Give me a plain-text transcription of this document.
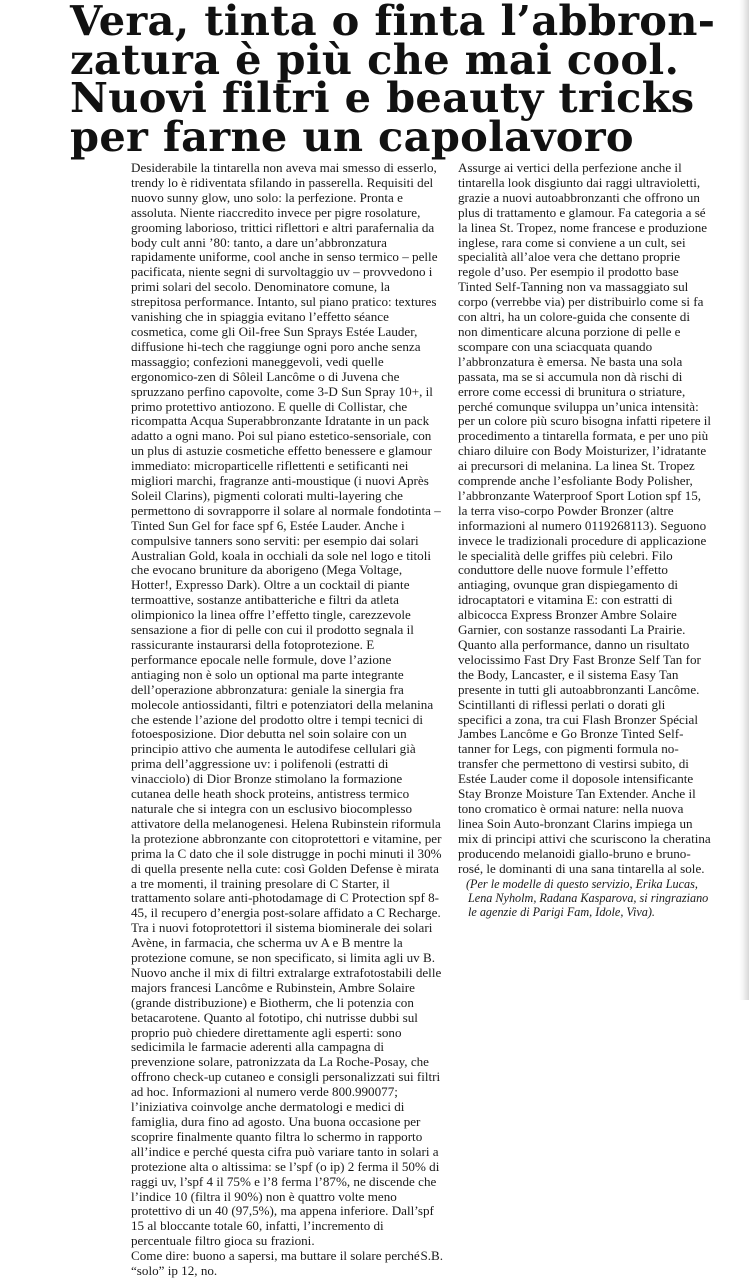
Vera, tinta o finta l’abbron-
zatura è più che mai cool.
Nuovi filtri e beauty tricks
per farne un capolavoro

Desiderabile la tintarella non aveva mai smesso di esserlo, trendy lo è ridiventata sfilando in passerella. Requisiti del nuovo sunny glow, uno solo: la perfezione. Pronta e assoluta. Niente riaccredito invece per pigre rosolature, grooming laborioso, trittici riflettori e altri parafernalia da body cult anni ’80: tanto, a dare un’abbronzatura rapidamente uniforme, cool anche in senso termico – pelle pacificata, niente segni di survoltaggio uv – provvedono i primi solari del secolo. Denominatore comune, la strepitosa performance. Intanto, sul piano pratico: textures vanishing che in spiaggia evitano l’effetto séance cosmetica, come gli Oil-free Sun Sprays Estée Lauder, diffusione hi-tech che raggiunge ogni poro anche senza massaggio; confezioni maneggevoli, vedi quelle ergonomico-zen di Sôleil Lancôme o di Juvena che spruzzano perfino capovolte, come 3-D Sun Spray 10+, il primo protettivo antiozono. E quelle di Collistar, che ricompatta Acqua Superabbronzante Idratante in un pack adatto a ogni mano. Poi sul piano estetico-sensoriale, con un plus di astuzie cosmetiche effetto benessere e glamour immediato: microparticelle riflettenti e setificanti nei migliori marchi, fragranze anti-moustique (i nuovi Après Soleil Clarins), pigmenti colorati multi-layering che permettono di sovrapporre il solare al normale fondotinta – Tinted Sun Gel for face spf 6, Estée Lauder. Anche i compulsive tanners sono serviti: per esempio dai solari Australian Gold, koala in occhiali da sole nel logo e titoli che evocano bruniture da aborigeno (Mega Voltage, Hotter!, Expresso Dark). Oltre a un cocktail di piante termoattive, sostanze antibatteriche e filtri da atleta olimpionico la linea offre l’effetto tingle, carezzevole sensazione a fior di pelle con cui il prodotto segnala il rassicurante instaurarsi della fotoprotezione. E performance epocale nelle formule, dove l’azione antiaging non è solo un optional ma parte integrante dell’operazione abbronzatura: geniale la sinergia fra molecole antiossidanti, filtri e potenziatori della melanina che estende l’azione del prodotto oltre i tempi tecnici di fotoesposizione. Dior debutta nel soin solaire con un principio attivo che aumenta le autodifese cellulari già prima dell’aggressione uv: i polifenoli (estratti di vinacciolo) di Dior Bronze stimolano la formazione cutanea delle heath shock proteins, antistress termico naturale che si integra con un esclusivo biocomplesso attivatore della melanogenesi. Helena Rubinstein riformula la protezione abbronzante con citoprotettori e vitamine, per prima la C dato che il sole distrugge in pochi minuti il 30% di quella presente nella cute: così Golden Defense è mirata a tre momenti, il training presolare di C Starter, il trattamento solare anti-photodamage di C Protection spf 8-45, il recupero d’energia post-solare affidato a C Recharge. Tra i nuovi fotoprotettori il sistema biominerale dei solari Avène, in farmacia, che scherma uv A e B mentre la protezione comune, se non specificato, si limita agli uv B. Nuovo anche il mix di filtri extralarge extrafotostabili delle majors francesi Lancôme e Rubinstein, Ambre Solaire (grande distribuzione) e Biotherm, che li potenzia con betacarotene. Quanto al fototipo, chi nutrisse dubbi sul proprio può chiedere direttamente agli esperti: sono sedicimila le farmacie aderenti alla campagna di prevenzione solare, patronizzata da La Roche-Posay, che offrono check-up cutaneo e consigli personalizzati sui filtri ad hoc. Informazioni al numero verde 800.990077; l’iniziativa coinvolge anche dermatologi e medici di famiglia, dura fino ad agosto. Una buona occasione per scoprire finalmente quanto filtra lo schermo in rapporto all’indice e perché questa cifra può variare tanto in solari a protezione alta o altissima: se l’spf (o ip) 2 ferma il 50% di raggi uv, l’spf 4 il 75% e l’8 ferma l’87%, ne discende che l’indice 10 (filtra il 90%) non è quattro volte meno protettivo di un 40 (97,5%), ma appena inferiore. Dall’spf 15 al bloccante totale 60, infatti, l’incremento di percentuale filtro gioca su frazioni.

Come dire: buono a sapersi, ma buttare il solare perché “solo” ip 12, no.
S.B.

Assurge ai vertici della perfezione anche il tintarella look disgiunto dai raggi ultravioletti, grazie a nuovi autoabbronzanti che offrono un plus di trattamento e glamour. Fa categoria a sé la linea St. Tropez, nome francese e produzione inglese, rara come si conviene a un cult, sei specialità all’aloe vera che dettano proprie regole d’uso. Per esempio il prodotto base Tinted Self-Tanning non va massaggiato sul corpo (verrebbe via) per distribuirlo come si fa con altri, ha un colore-guida che consente di non dimenticare alcuna porzione di pelle e scompare con una sciacquata quando l’abbronzatura è emersa. Ne basta una sola passata, ma se si accumula non dà rischi di errore come eccessi di brunitura o striature, perché comunque sviluppa un’unica intensità: per un colore più scuro bisogna infatti ripetere il procedimento a tintarella formata, e per uno più chiaro diluire con Body Moisturizer, l’idratante ai precursori di melanina. La linea St. Tropez comprende anche l’esfoliante Body Polisher, l’abbronzante Waterproof Sport Lotion spf 15, la terra viso-corpo Powder Bronzer (altre informazioni al numero 0119268113). Seguono invece le tradizionali procedure di applicazione le specialità delle griffes più celebri. Filo conduttore delle nuove formule l’effetto antiaging, ovunque gran dispiegamento di idrocaptatori e vitamina E: con estratti di albicocca Express Bronzer Ambre Solaire Garnier, con sostanze rassodanti La Prairie. Quanto alla performance, danno un risultato velocissimo Fast Dry Fast Bronze Self Tan for the Body, Lancaster, e il sistema Easy Tan presente in tutti gli autoabbronzanti Lancôme. Scintillanti di riflessi perlati o dorati gli specifici a zona, tra cui Flash Bronzer Spécial Jambes Lancôme e Go Bronze Tinted Self-tanner for Legs, con pigmenti formula no-transfer che permettono di vestirsi subito, di Estée Lauder come il doposole intensificante Stay Bronze Moisture Tan Extender. Anche il tono cromatico è ormai nature: nella nuova linea Soin Auto-bronzant Clarins impiega un mix di principi attivi che scuriscono la cheratina producendo melanoidi giallo-bruno e bruno-rosé, le dominanti di una sana tintarella al sole.

(Per le modelle di questo servizio, Erika Lucas, Lena Nyholm, Radana Kasparova, si ringraziano le agenzie di Parigi Fam, Idole, Viva).
